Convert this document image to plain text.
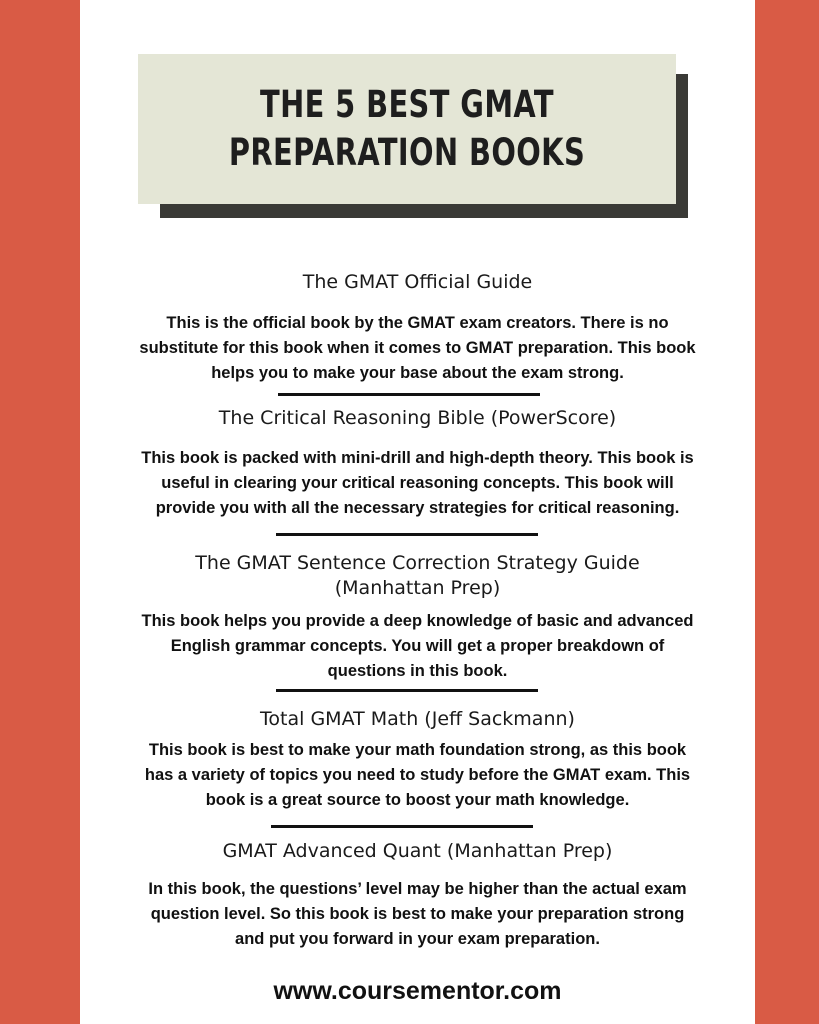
THE 5 BEST GMAT
PREPARATION BOOKS
The GMAT Official Guide
This is the official book by the GMAT exam creators. There is no
substitute for this book when it comes to GMAT preparation. This book
helps you to make your base about the exam strong.
The Critical Reasoning Bible (PowerScore)
This book is packed with mini-drill and high-depth theory. This book is
useful in clearing your critical reasoning concepts. This book will
provide you with all the necessary strategies for critical reasoning.
The GMAT Sentence Correction Strategy Guide
(Manhattan Prep)
This book helps you provide a deep knowledge of basic and advanced
English grammar concepts. You will get a proper breakdown of
questions in this book.
Total GMAT Math (Jeff Sackmann)
This book is best to make your math foundation strong, as this book
has a variety of topics you need to study before the GMAT exam. This
book is a great source to boost your math knowledge.
GMAT Advanced Quant (Manhattan Prep)
In this book, the questions’ level may be higher than the actual exam
question level. So this book is best to make your preparation strong
and put you forward in your exam preparation.
www.coursementor.com
